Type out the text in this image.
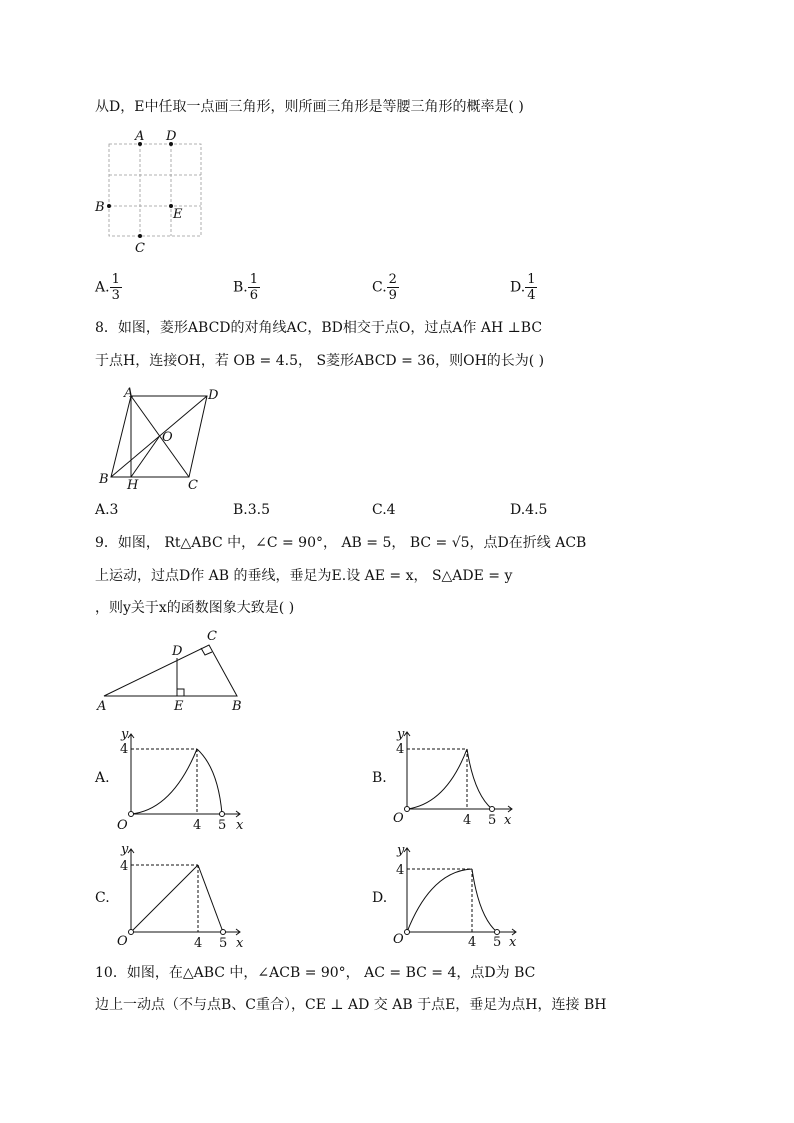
从D，E中任取一点画三角形，则所画三角形是等腰三角形的概率是( )
A D
B	E
C
A. $\frac{1}{3}$	B. $\frac{1}{6}$	C. $\frac{2}{9}$	D. $\frac{1}{4}$
8．如图，菱形ABCD的对角线AC，BD相交于点O，过点A作 AH ⊥BC
于点H，连接OH，若 OB = 4.5， S菱形ABCD = 36，则OH的长为( )
A	D
O
B H	C
A.3	B.3.5	C.4	D.4.5
9．如图， Rt△ABC 中，∠C = 90°， AB = 5， BC = √5，点D在折线 ACB
上运动，过点D作 AB 的垂线，垂足为E.设 AE = x， S△ADE = y
，则y关于x的函数图象大致是( )
C
D
A	E	B
A.
y
4
O	4 5 x
B.
y
4
O	4 5 x
C.
y
4
O	4 5 x
D.
y
4
O	4 5 x
10．如图，在△ABC 中，∠ACB = 90°， AC = BC = 4，点D为 BC
边上一动点（不与点B、C重合），CE ⊥ AD 交 AB 于点E，垂足为点H，连接 BH
